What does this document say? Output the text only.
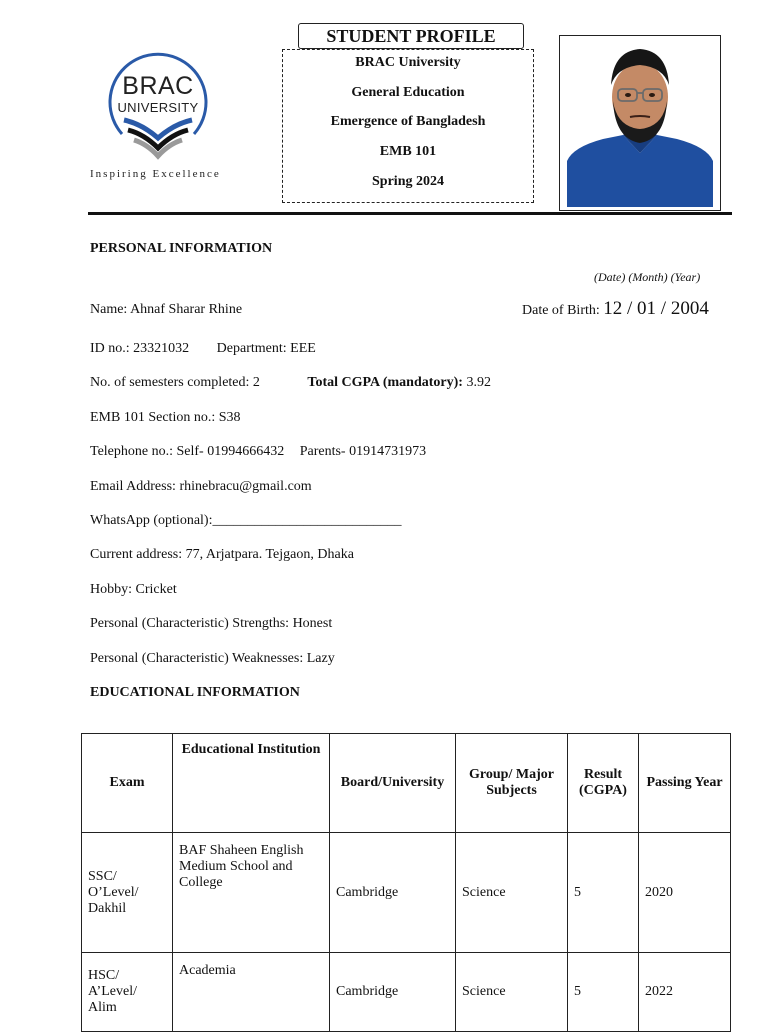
BRAC
UNIVERSITY
Inspiring Excellence
STUDENT PROFILE
BRAC University
General Education
Emergence of Bangladesh
EMB 101
Spring 2024
PERSONAL INFORMATION
(Date) (Month) (Year)
Name: Ahnaf Sharar Rhine	Date of Birth: 12 / 01 / 2004
ID no.: 23321032 Department: EEE
No. of semesters completed: 2	Total CGPA (mandatory): 3.92
EMB 101 Section no.: S38
Telephone no.: Self- 01994666432 Parents- 01914731973
Email Address: rhinebracu@gmail.com
WhatsApp (optional):___________________________
Current address: 77, Arjatpara. Tejgaon, Dhaka
Hobby: Cricket
Personal (Characteristic) Strengths: Honest
Personal (Characteristic) Weaknesses: Lazy
EDUCATIONAL INFORMATION
Exam	Educational Institution	Board/University	Group/ Major Subjects	Result (CGPA)	Passing Year
SSC/ O’Level/ Dakhil	BAF Shaheen English Medium School and College	Cambridge	Science	5	2020
HSC/ A’Level/ Alim	Academia	Cambridge	Science	5	2022
